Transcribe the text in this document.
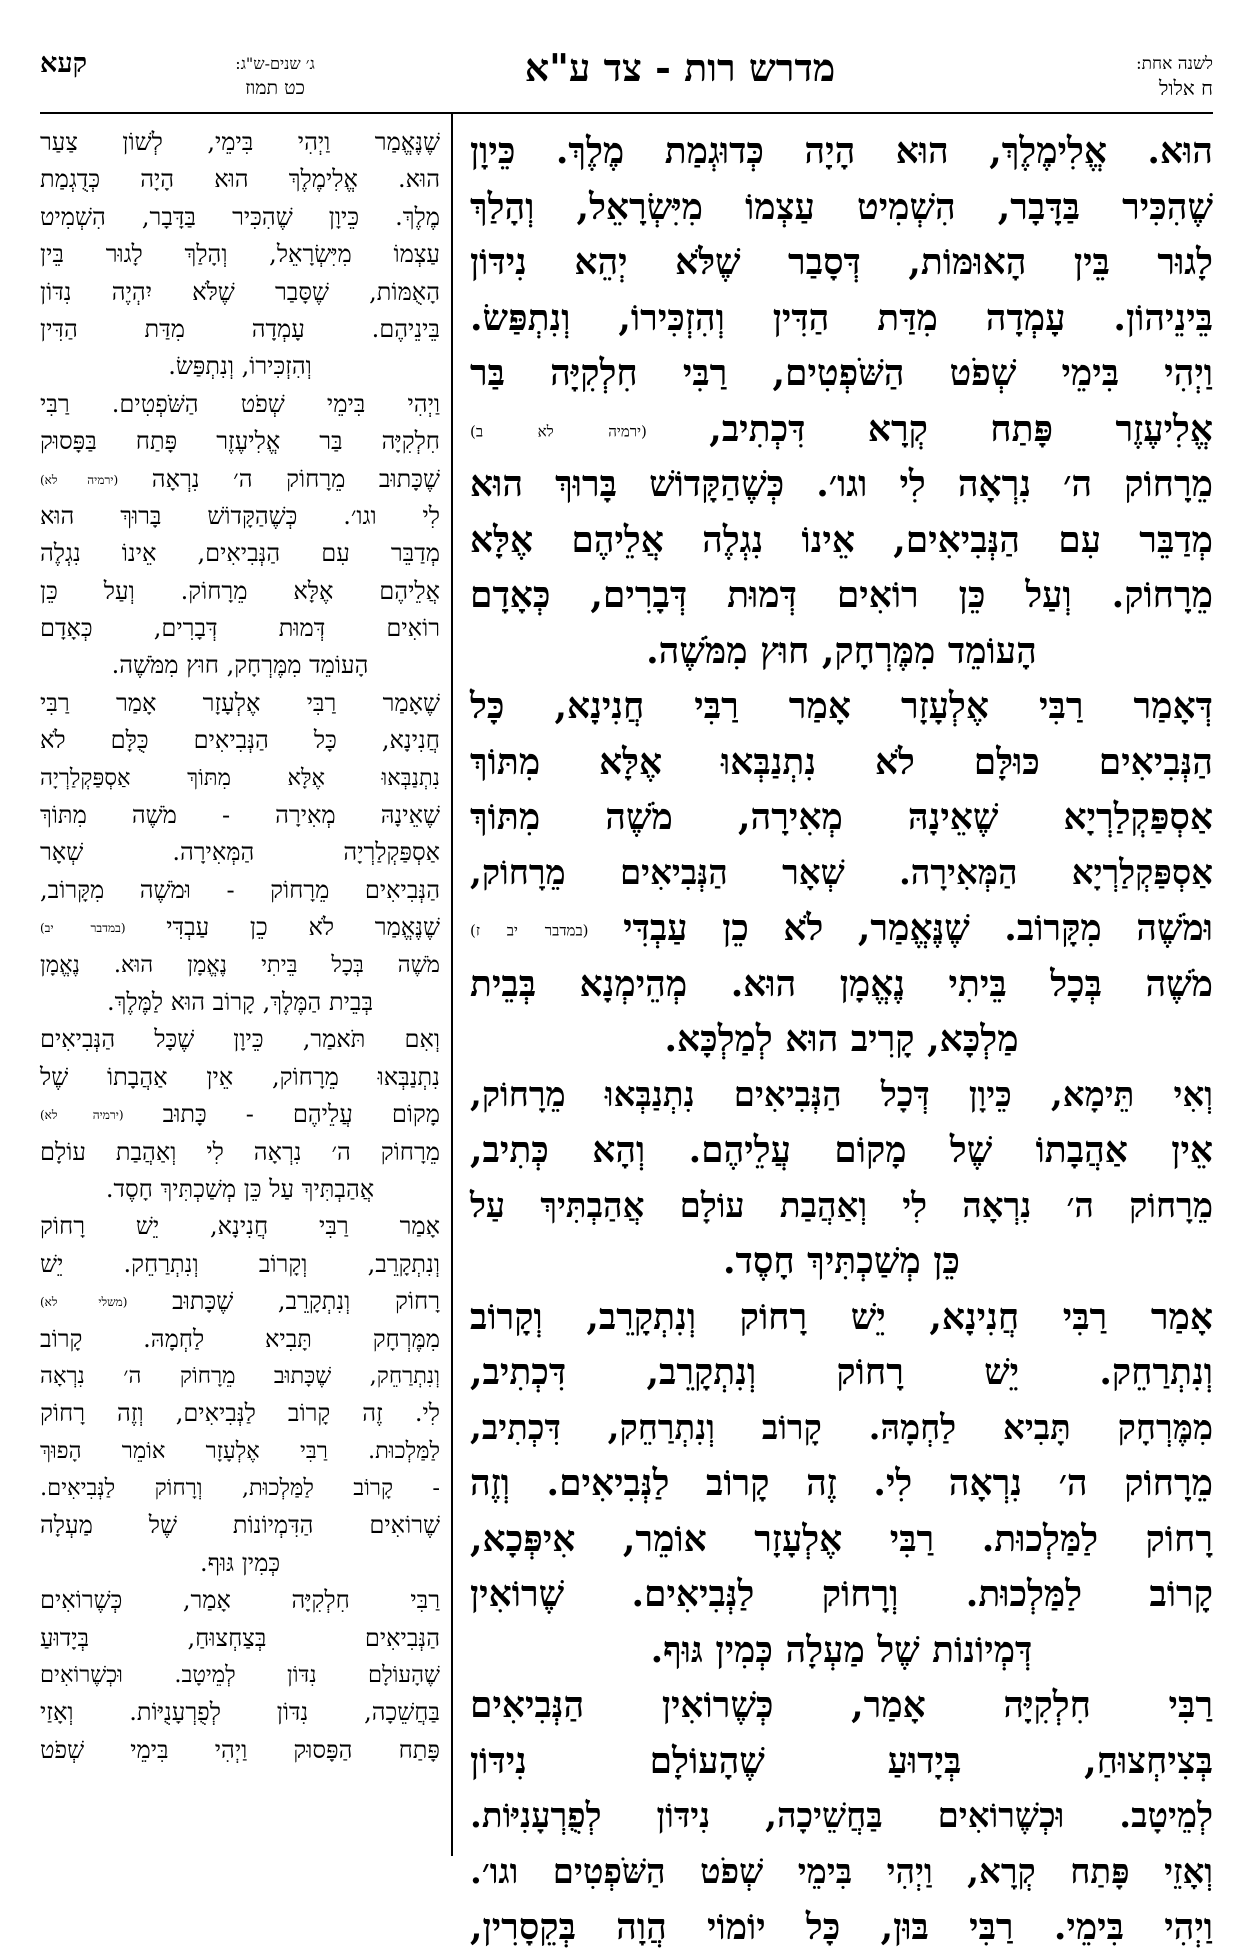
לשנה אחת:
ח אלול
מדרש רות - צד ע"א
ג׳ שנים-ש"ג:
כט תמוז
קעא
הוּא. אֱלִימֶלֶךְ, הוּא הָיָה כְּדוּגְמַת מֶלֶךְ. כֵּיוָן
שֶׁהִכִּיר בַּדָּבָר, הִשְׁמִיט עַצְמוֹ מִיִּשְׂרָאֵל, וְהָלַךְ
לָגוּר בֵּין הָאוּמּוֹת, דְּסָבַר שֶׁלֹּא יְהֵא נִידּוֹן
בֵּינֵיהוֹן. עָמְדָה מִדַּת הַדִּין וְהִזְכִּירוֹ, וְנִתְפַּשׂ.
וַיְהִי בִּימֵי שְׁפֹט הַשֹּׁפְטִים, רַבִּי חִלְקִיָּה בַּר
אֱלִיעֶזֶר פָּתַח קְרָא דִּכְתִיב, (ירמיה לא ב)
מֵרָחוֹק ה׳ נִרְאָה לִי וגו׳. כְּשֶׁהַקָּדוֹשׁ בָּרוּךְ הוּא
מְדַבֵּר עִם הַנְּבִיאִים, אֵינוֹ נִגְלֶה אֲלֵיהֶם אֶלָּא
מֵרָחוֹק. וְעַל כֵּן רוֹאִים דְּמוּת דְּבָרִים, כְּאָדָם
הָעוֹמֵד מִמֶּרְחָק, חוּץ מִמֹּשֶׁה.
דְּאָמַר רַבִּי אֶלְעָזָר אָמַר רַבִּי חֲנִינָא, כָּל
הַנְּבִיאִים כּוּלָּם לֹא נִתְנַבְּאוּ אֶלָּא מִתּוֹךְ
אַסְפַּקְלַרְיָא שֶׁאֵינָהּ מְאִירָה, מֹשֶׁה מִתּוֹךְ
אַסְפַּקְלַרְיָא הַמְּאִירָה. שְׁאָר הַנְּבִיאִים מֵרָחוֹק,
וּמֹשֶׁה מִקָּרוֹב. שֶׁנֶּאֱמַר, לֹא כֵן עַבְדִּי (במדבר יב ז)
מֹשֶׁה בְּכָל בֵּיתִי נֶאֱמָן הוּא. מְהֵימְנָא בְּבֵית
מַלְכָּא, קָרִיב הוּא לְמַלְכָּא.
וְאִי תֵּימָא, כֵּיוָן דְּכָל הַנְּבִיאִים נִתְנַבְּאוּ מֵרָחוֹק,
אֵין אַהֲבָתוֹ שֶׁל מָקוֹם עֲלֵיהֶם. וְהָא כְּתִיב,
מֵרָחוֹק ה׳ נִרְאָה לִי וְאַהֲבַת עוֹלָם אֲהַבְתִּיךְ עַל
כֵּן מְשַׁכְתִּיךְ חָסֶד.
אָמַר רַבִּי חֲנִינָא, יֵשׁ רָחוֹק וְנִתְקָרֵב, וְקָרוֹב
וְנִתְרַחֵק. יֵשׁ רָחוֹק וְנִתְקָרֵב, דִּכְתִיב,
מִמֶּרְחָק תָּבִיא לַחְמָהּ. קָרוֹב וְנִתְרַחֵק, דִּכְתִיב,
מֵרָחוֹק ה׳ נִרְאָה לִי. זֶה קָרוֹב לַנְּבִיאִים. וְזֶה
רָחוֹק לַמַּלְכוּת. רַבִּי אֶלְעָזָר אוֹמֵר, אִיפְּכָא,
קָרוֹב לַמַּלְכוּת. וְרָחוֹק לַנְּבִיאִים. שֶׁרוֹאִין
דְּמְיוֹנוֹת שֶׁל מַעְלָה כְּמִין גּוּף.
רַבִּי חִלְקִיָּה אָמַר, כְּשֶׁרוֹאִין הַנְּבִיאִים
בְּצִיחְצוּחַ, בְּיָדוּעַ שֶׁהָעוֹלָם נִידּוֹן
לְמֵיטָב. וּכְשֶׁרוֹאִים בַּחֲשֵׁיכָה, נִידּוֹן לְפֻרְעָנִיּוֹת.
וְאָזֵי פָּתַח קְרָא, וַיְהִי בִּימֵי שְׁפֹט הַשֹּׁפְטִים וגו׳.
וַיְהִי בִּימֵי. רַבִּי בּוּן, כָּל יוֹמוֹי הֲוָה בְּקֵסָרִין,
שֶׁנֶּאֱמַר וַיְהִי בִּימֵי, לְשׁוֹן צַעַר
הוּא. אֱלִימֶלֶךְ הוּא הָיָה כְּדֻגְמַת
מֶלֶךְ. כֵּיוָן שֶׁהִכִּיר בַּדָּבָר, הִשְׁמִיט
עַצְמוֹ מִיִּשְׂרָאֵל, וְהָלַךְ לָגוּר בֵּין
הָאֻמּוֹת, שֶׁסָּבַר שֶׁלֹּא יִהְיֶה נִדּוֹן
בֵּינֵיהֶם. עָמְדָה מִדַּת הַדִּין
וְהִזְכִּירוֹ, וְנִתְפַּשׂ.
וַיְהִי בִּימֵי שְׁפֹט הַשֹּׁפְטִים. רַבִּי
חִלְקִיָּה בַּר אֱלִיעֶזֶר פָּתַח בַּפָּסוּק
שֶׁכָּתוּב מֵרָחוֹק ה׳ נִרְאָה (ירמיה לא)
לִי וגו׳. כְּשֶׁהַקָּדוֹשׁ בָּרוּךְ הוּא
מְדַבֵּר עִם הַנְּבִיאִים, אֵינוֹ נִגְלֶה
אֲלֵיהֶם אֶלָּא מֵרָחוֹק. וְעַל כֵּן
רוֹאִים דְּמוּת דְּבָרִים, כְּאָדָם
הָעוֹמֵד מִמֶּרְחָק, חוּץ מִמֹּשֶׁה.
שֶׁאָמַר רַבִּי אֶלְעָזָר אָמַר רַבִּי
חֲנִינָא, כָּל הַנְּבִיאִים כֻּלָּם לֹא
נִתְנַבְּאוּ אֶלָּא מִתּוֹךְ אַסְפַּקְלַרְיָה
שֶׁאֵינָהּ מְאִירָה - מֹשֶׁה מִתּוֹךְ
אַסְפַּקְלַרְיָה הַמְּאִירָה. שְׁאָר
הַנְּבִיאִים מֵרָחוֹק - וּמֹשֶׁה מִקָּרוֹב,
שֶׁנֶּאֱמַר לֹא כֵן עַבְדִּי (במדבר יב)
מֹשֶׁה בְּכָל בֵּיתִי נֶאֱמָן הוּא. נֶאֱמָן
בְּבֵית הַמֶּלֶךְ, קָרוֹב הוּא לַמֶּלֶךְ.
וְאִם תֹּאמַר, כֵּיוָן שֶׁכָּל הַנְּבִיאִים
נִתְנַבְּאוּ מֵרָחוֹק, אֵין אַהֲבָתוֹ שֶׁל
מָקוֹם עֲלֵיהֶם - כָּתוּב (ירמיה לא)
מֵרָחוֹק ה׳ נִרְאָה לִי וְאַהֲבַת עוֹלָם
אֲהַבְתִּיךְ עַל כֵּן מְשַׁכְתִּיךְ חָסֶד.
אָמַר רַבִּי חֲנִינָא, יֵשׁ רָחוֹק
וְנִתְקָרֵב, וְקָרוֹב וְנִתְרַחֵק. יֵשׁ
רָחוֹק וְנִתְקָרֵב, שֶׁכָּתוּב (משלי לא)
מִמֶּרְחָק תָּבִיא לַחְמָהּ. קָרוֹב
וְנִתְרַחֵק, שֶׁכָּתוּב מֵרָחוֹק ה׳ נִרְאָה
לִי. זֶה קָרוֹב לַנְּבִיאִים, וְזֶה רָחוֹק
לַמַּלְכוּת. רַבִּי אֶלְעָזָר אוֹמֵר הָפוּךְ
- קָרוֹב לַמַּלְכוּת, וְרָחוֹק לַנְּבִיאִים.
שֶׁרוֹאִים הַדִּמְיוֹנוֹת שֶׁל מַעְלָה
כְּמִין גּוּף.
רַבִּי חִלְקִיָּה אָמַר, כְּשֶׁרוֹאִים
הַנְּבִיאִים בְּצַחְצוּחַ, בְּיָדוּעַ
שֶׁהָעוֹלָם נִדּוֹן לְמֵיטָב. וּכְשֶׁרוֹאִים
בַּחֲשֵׁכָה, נִדּוֹן לְפֻרְעָנֻיּוֹת. וְאָזַי
פָּתַח הַפָּסוּק וַיְהִי בִּימֵי שְׁפֹט
